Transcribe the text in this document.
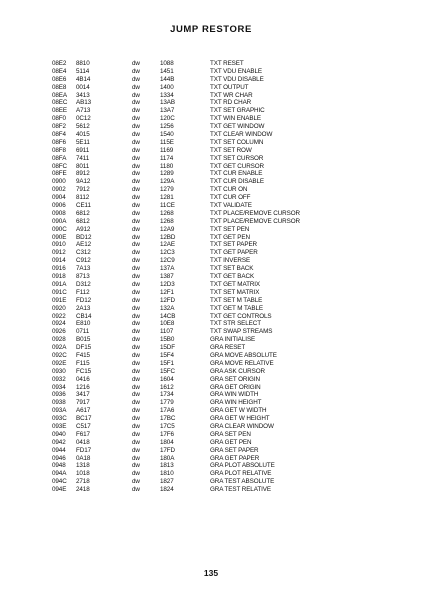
JUMP RESTORE
08E2 8810	dw	1088	TXT RESET
08E4 5114	dw	1451	TXT VDU ENABLE
08E6 4B14	dw	144B	TXT VDU DISABLE
08E8 0014	dw	1400	TXT OUTPUT
08EA 3413	dw	1334	TXT WR CHAR
08EC AB13	dw	13AB	TXT RD CHAR
08EE A713	dw	13A7	TXT SET GRAPHIC
08F0 0C12	dw	120C	TXT WIN ENABLE
08F2 5612	dw	1256	TXT GET WINDOW
08F4 4015	dw	1540	TXT CLEAR WINDOW
08F6 5E11	dw	115E	TXT SET COLUMN
08F8 6911	dw	1169	TXT SET ROW
08FA 7411	dw	1174	TXT SET CURSOR
08FC 8011	dw	1180	TXT GET CURSOR
08FE 8912	dw	1289	TXT CUR ENABLE
0900 9A12	dw	129A	TXT CUR DISABLE
0902 7912	dw	1279	TXT CUR ON
0904 8112	dw	1281	TXT CUR OFF
0906 CE11	dw	11CE	TXT VALIDATE
0908 6812	dw	1268	TXT PLACE/REMOVE CURSOR
090A 6812	dw	1268	TXT PLACE/REMOVE CURSOR
090C A912	dw	12A9	TXT SET PEN
090E BD12	dw	12BD	TXT GET PEN
0910 AE12	dw	12AE	TXT SET PAPER
0912 C312	dw	12C3	TXT GET PAPER
0914 C912	dw	12C9	TXT INVERSE
0916 7A13	dw	137A	TXT SET BACK
0918 8713	dw	1387	TXT GET BACK
091A D312	dw	12D3	TXT GET MATRIX
091C F112	dw	12F1	TXT SET MATRIX
091E FD12	dw	12FD	TXT SET M TABLE
0920 2A13	dw	132A	TXT GET M TABLE
0922 CB14	dw	14CB	TXT GET CONTROLS
0924 E810	dw	10E8	TXT STR SELECT
0926 0711	dw	1107	TXT SWAP STREAMS
0928 B015	dw	15B0	GRA INITIALISE
092A DF15	dw	15DF	GRA RESET
092C F415	dw	15F4	GRA MOVE ABSOLUTE
092E F115	dw	15F1	GRA MOVE RELATIVE
0930 FC15	dw	15FC	GRA ASK CURSOR
0932 0416	dw	1604	GRA SET ORIGIN
0934 1216	dw	1612	GRA GET ORIGIN
0936 3417	dw	1734	GRA WIN WIDTH
0938 7917	dw	1779	GRA WIN HEIGHT
093A A617	dw	17A6	GRA GET W WIDTH
093C BC17	dw	17BC	GRA GET W HEIGHT
093E C517	dw	17C5	GRA CLEAR WINDOW
0940 F617	dw	17F6	GRA SET PEN
0942 0418	dw	1804	GRA GET PEN
0944 FD17	dw	17FD	GRA SET PAPER
0946 0A18	dw	180A	GRA GET PAPER
0948 1318	dw	1813	GRA PLOT ABSOLUTE
094A 1018	dw	1810	GRA PLOT RELATIVE
094C 2718	dw	1827	GRA TEST ABSOLUTE
094E 2418	dw	1824	GRA TEST RELATIVE
135
